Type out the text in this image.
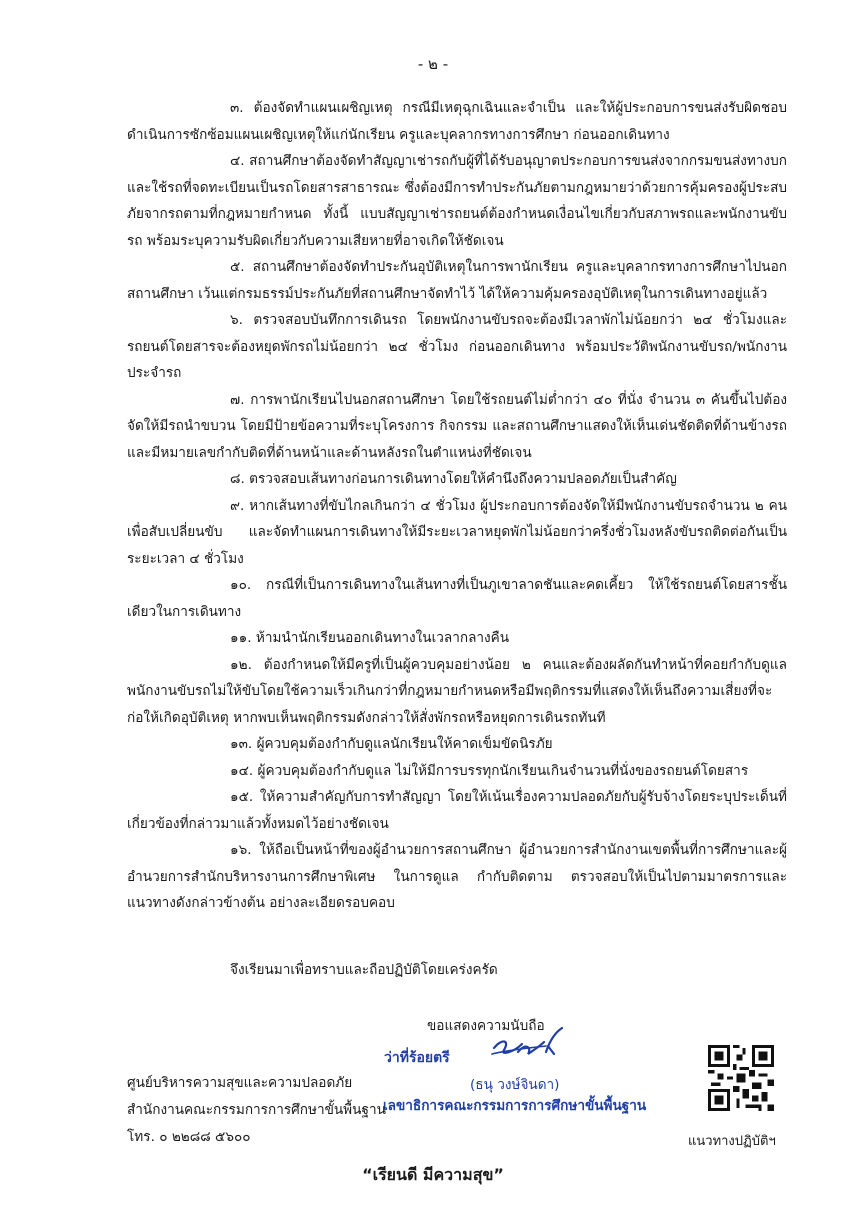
- ๒ -

๓. ต้องจัดทำแผนเผชิญเหตุ กรณีมีเหตุฉุกเฉินและจำเป็น และให้ผู้ประกอบการขนส่งรับผิดชอบดำเนินการซักซ้อมแผนเผชิญเหตุให้แก่นักเรียน ครูและบุคลากรทางการศึกษา ก่อนออกเดินทาง

๔. สถานศึกษาต้องจัดทำสัญญาเช่ารถกับผู้ที่ได้รับอนุญาตประกอบการขนส่งจากกรมขนส่งทางบกและใช้รถที่จดทะเบียนเป็นรถโดยสารสาธารณะ ซึ่งต้องมีการทำประกันภัยตามกฎหมายว่าด้วยการคุ้มครองผู้ประสบภัยจากรถตามที่กฎหมายกำหนด ทั้งนี้ แบบสัญญาเช่ารถยนต์ต้องกำหนดเงื่อนไขเกี่ยวกับสภาพรถและพนักงานขับรถ พร้อมระบุความรับผิดเกี่ยวกับความเสียหายที่อาจเกิดให้ชัดเจน

๕. สถานศึกษาต้องจัดทำประกันอุบัติเหตุในการพานักเรียน ครูและบุคลากรทางการศึกษาไปนอกสถานศึกษา เว้นแต่กรมธรรม์ประกันภัยที่สถานศึกษาจัดทำไว้ ได้ให้ความคุ้มครองอุบัติเหตุในการเดินทางอยู่แล้ว

๖. ตรวจสอบบันทึกการเดินรถ โดยพนักงานขับรถจะต้องมีเวลาพักไม่น้อยกว่า ๒๔ ชั่วโมงและรถยนต์โดยสารจะต้องหยุดพักรถไม่น้อยกว่า ๒๔ ชั่วโมง ก่อนออกเดินทาง พร้อมประวัติพนักงานขับรถ/พนักงานประจำรถ

๗. การพานักเรียนไปนอกสถานศึกษา โดยใช้รถยนต์ไม่ต่ำกว่า ๔๐ ที่นั่ง จำนวน ๓ คันขึ้นไปต้องจัดให้มีรถนำขบวน โดยมีป้ายข้อความที่ระบุโครงการ กิจกรรม และสถานศึกษาแสดงให้เห็นเด่นชัดติดที่ด้านข้างรถและมีหมายเลขกำกับติดที่ด้านหน้าและด้านหลังรถในตำแหน่งที่ชัดเจน

๘. ตรวจสอบเส้นทางก่อนการเดินทางโดยให้คำนึงถึงความปลอดภัยเป็นสำคัญ

๙. หากเส้นทางที่ขับไกลเกินกว่า ๔ ชั่วโมง ผู้ประกอบการต้องจัดให้มีพนักงานขับรถจำนวน ๒ คน เพื่อสับเปลี่ยนขับ และจัดทำแผนการเดินทางให้มีระยะเวลาหยุดพักไม่น้อยกว่าครึ่งชั่วโมงหลังขับรถติดต่อกันเป็นระยะเวลา ๔ ชั่วโมง

๑๐. กรณีที่เป็นการเดินทางในเส้นทางที่เป็นภูเขาลาดชันและคดเคี้ยว ให้ใช้รถยนต์โดยสารชั้นเดียวในการเดินทาง

๑๑. ห้ามนำนักเรียนออกเดินทางในเวลากลางคืน

๑๒. ต้องกำหนดให้มีครูที่เป็นผู้ควบคุมอย่างน้อย ๒ คนและต้องผลัดกันทำหน้าที่คอยกำกับดูแลพนักงานขับรถไม่ให้ขับโดยใช้ความเร็วเกินกว่าที่กฎหมายกำหนดหรือมีพฤติกรรมที่แสดงให้เห็นถึงความเสี่ยงที่จะก่อให้เกิดอุบัติเหตุ หากพบเห็นพฤติกรรมดังกล่าวให้สั่งพักรถหรือหยุดการเดินรถทันที

๑๓. ผู้ควบคุมต้องกำกับดูแลนักเรียนให้คาดเข็มขัดนิรภัย

๑๔. ผู้ควบคุมต้องกำกับดูแล ไม่ให้มีการบรรทุกนักเรียนเกินจำนวนที่นั่งของรถยนต์โดยสาร

๑๕. ให้ความสำคัญกับการทำสัญญา โดยให้เน้นเรื่องความปลอดภัยกับผู้รับจ้างโดยระบุประเด็นที่เกี่ยวข้องที่กล่าวมาแล้วทั้งหมดไว้อย่างชัดเจน

๑๖. ให้ถือเป็นหน้าที่ของผู้อำนวยการสถานศึกษา ผู้อำนวยการสำนักงานเขตพื้นที่การศึกษาและผู้อำนวยการสำนักบริหารงานการศึกษาพิเศษ ในการดูแล กำกับติดตาม ตรวจสอบให้เป็นไปตามมาตรการและแนวทางดังกล่าวข้างต้น อย่างละเอียดรอบคอบ

จึงเรียนมาเพื่อทราบและถือปฏิบัติโดยเคร่งครัด
ขอแสดงความนับถือ
ว่าที่ร้อยตรี
(ธนุ วงษ์จินดา)
เลขาธิการคณะกรรมการการศึกษาขั้นพื้นฐาน
ศูนย์บริหารความสุขและความปลอดภัย
สำนักงานคณะกรรมการการศึกษาขั้นพื้นฐาน
โทร. ๐ ๒๒๘๘ ๕๖๐๐	แนวทางปฏิบัติฯ
“เรียนดี มีความสุข”
